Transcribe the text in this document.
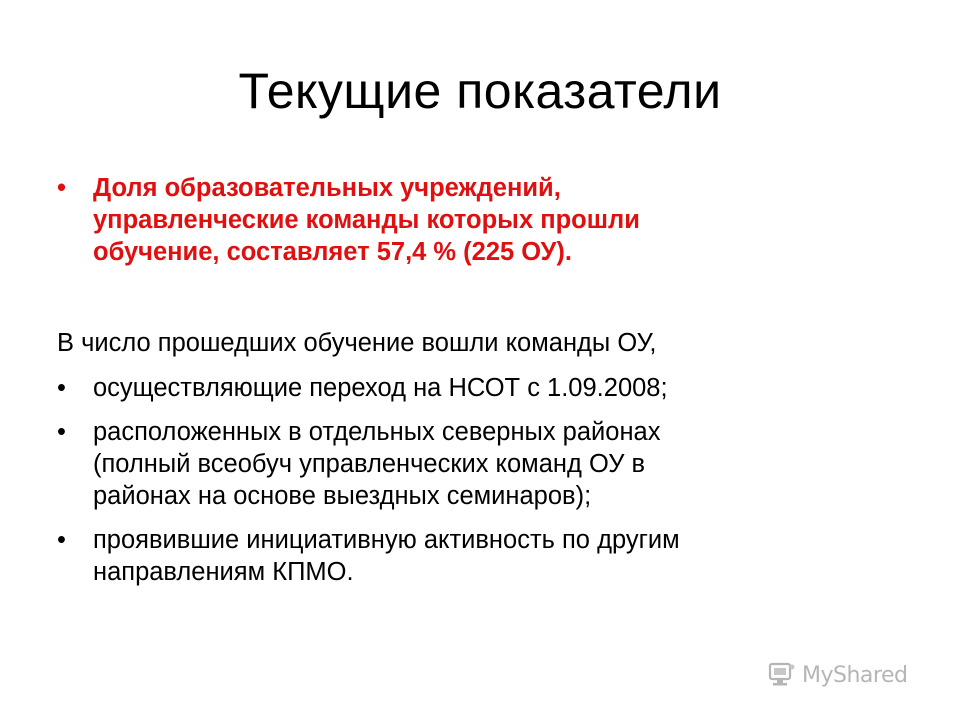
Текущие показатели
•	Доля образовательных учреждений,
управленческие команды которых прошли
обучение, составляет 57,4 % (225 ОУ).
В число прошедших обучение вошли команды ОУ,
•	осуществляющие переход на НСОТ с 1.09.2008;
•	расположенных в отдельных северных районах
(полный всеобуч управленческих команд ОУ в
районах на основе выездных семинаров);
•	проявившие инициативную активность по другим
направлениям КПМО.
MyShared
